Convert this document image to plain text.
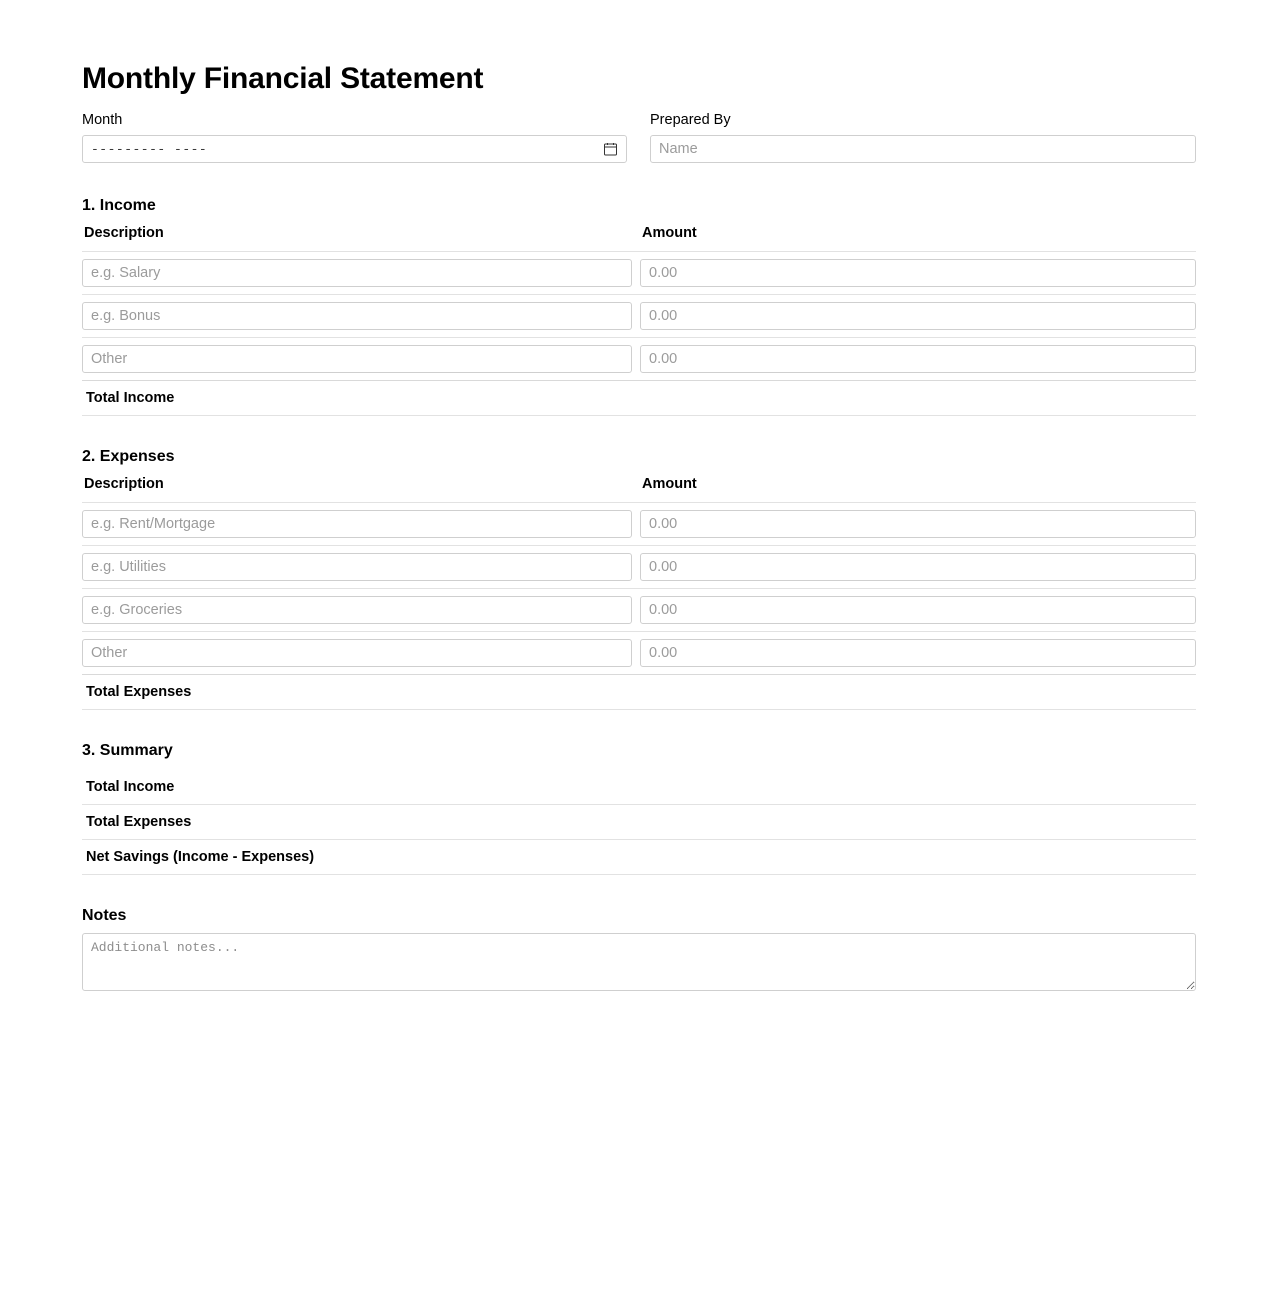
Monthly Financial Statement
Month
--------- ----
Prepared By
Name
1. Income
Description	Amount
e.g. Salary
0.00
e.g. Bonus
0.00
Other
0.00
Total Income
2. Expenses
Description	Amount
e.g. Rent/Mortgage
0.00
e.g. Utilities
0.00
e.g. Groceries
0.00
Other
0.00
Total Expenses
3. Summary
Total Income
Total Expenses
Net Savings (Income - Expenses)
Notes
Additional notes...
